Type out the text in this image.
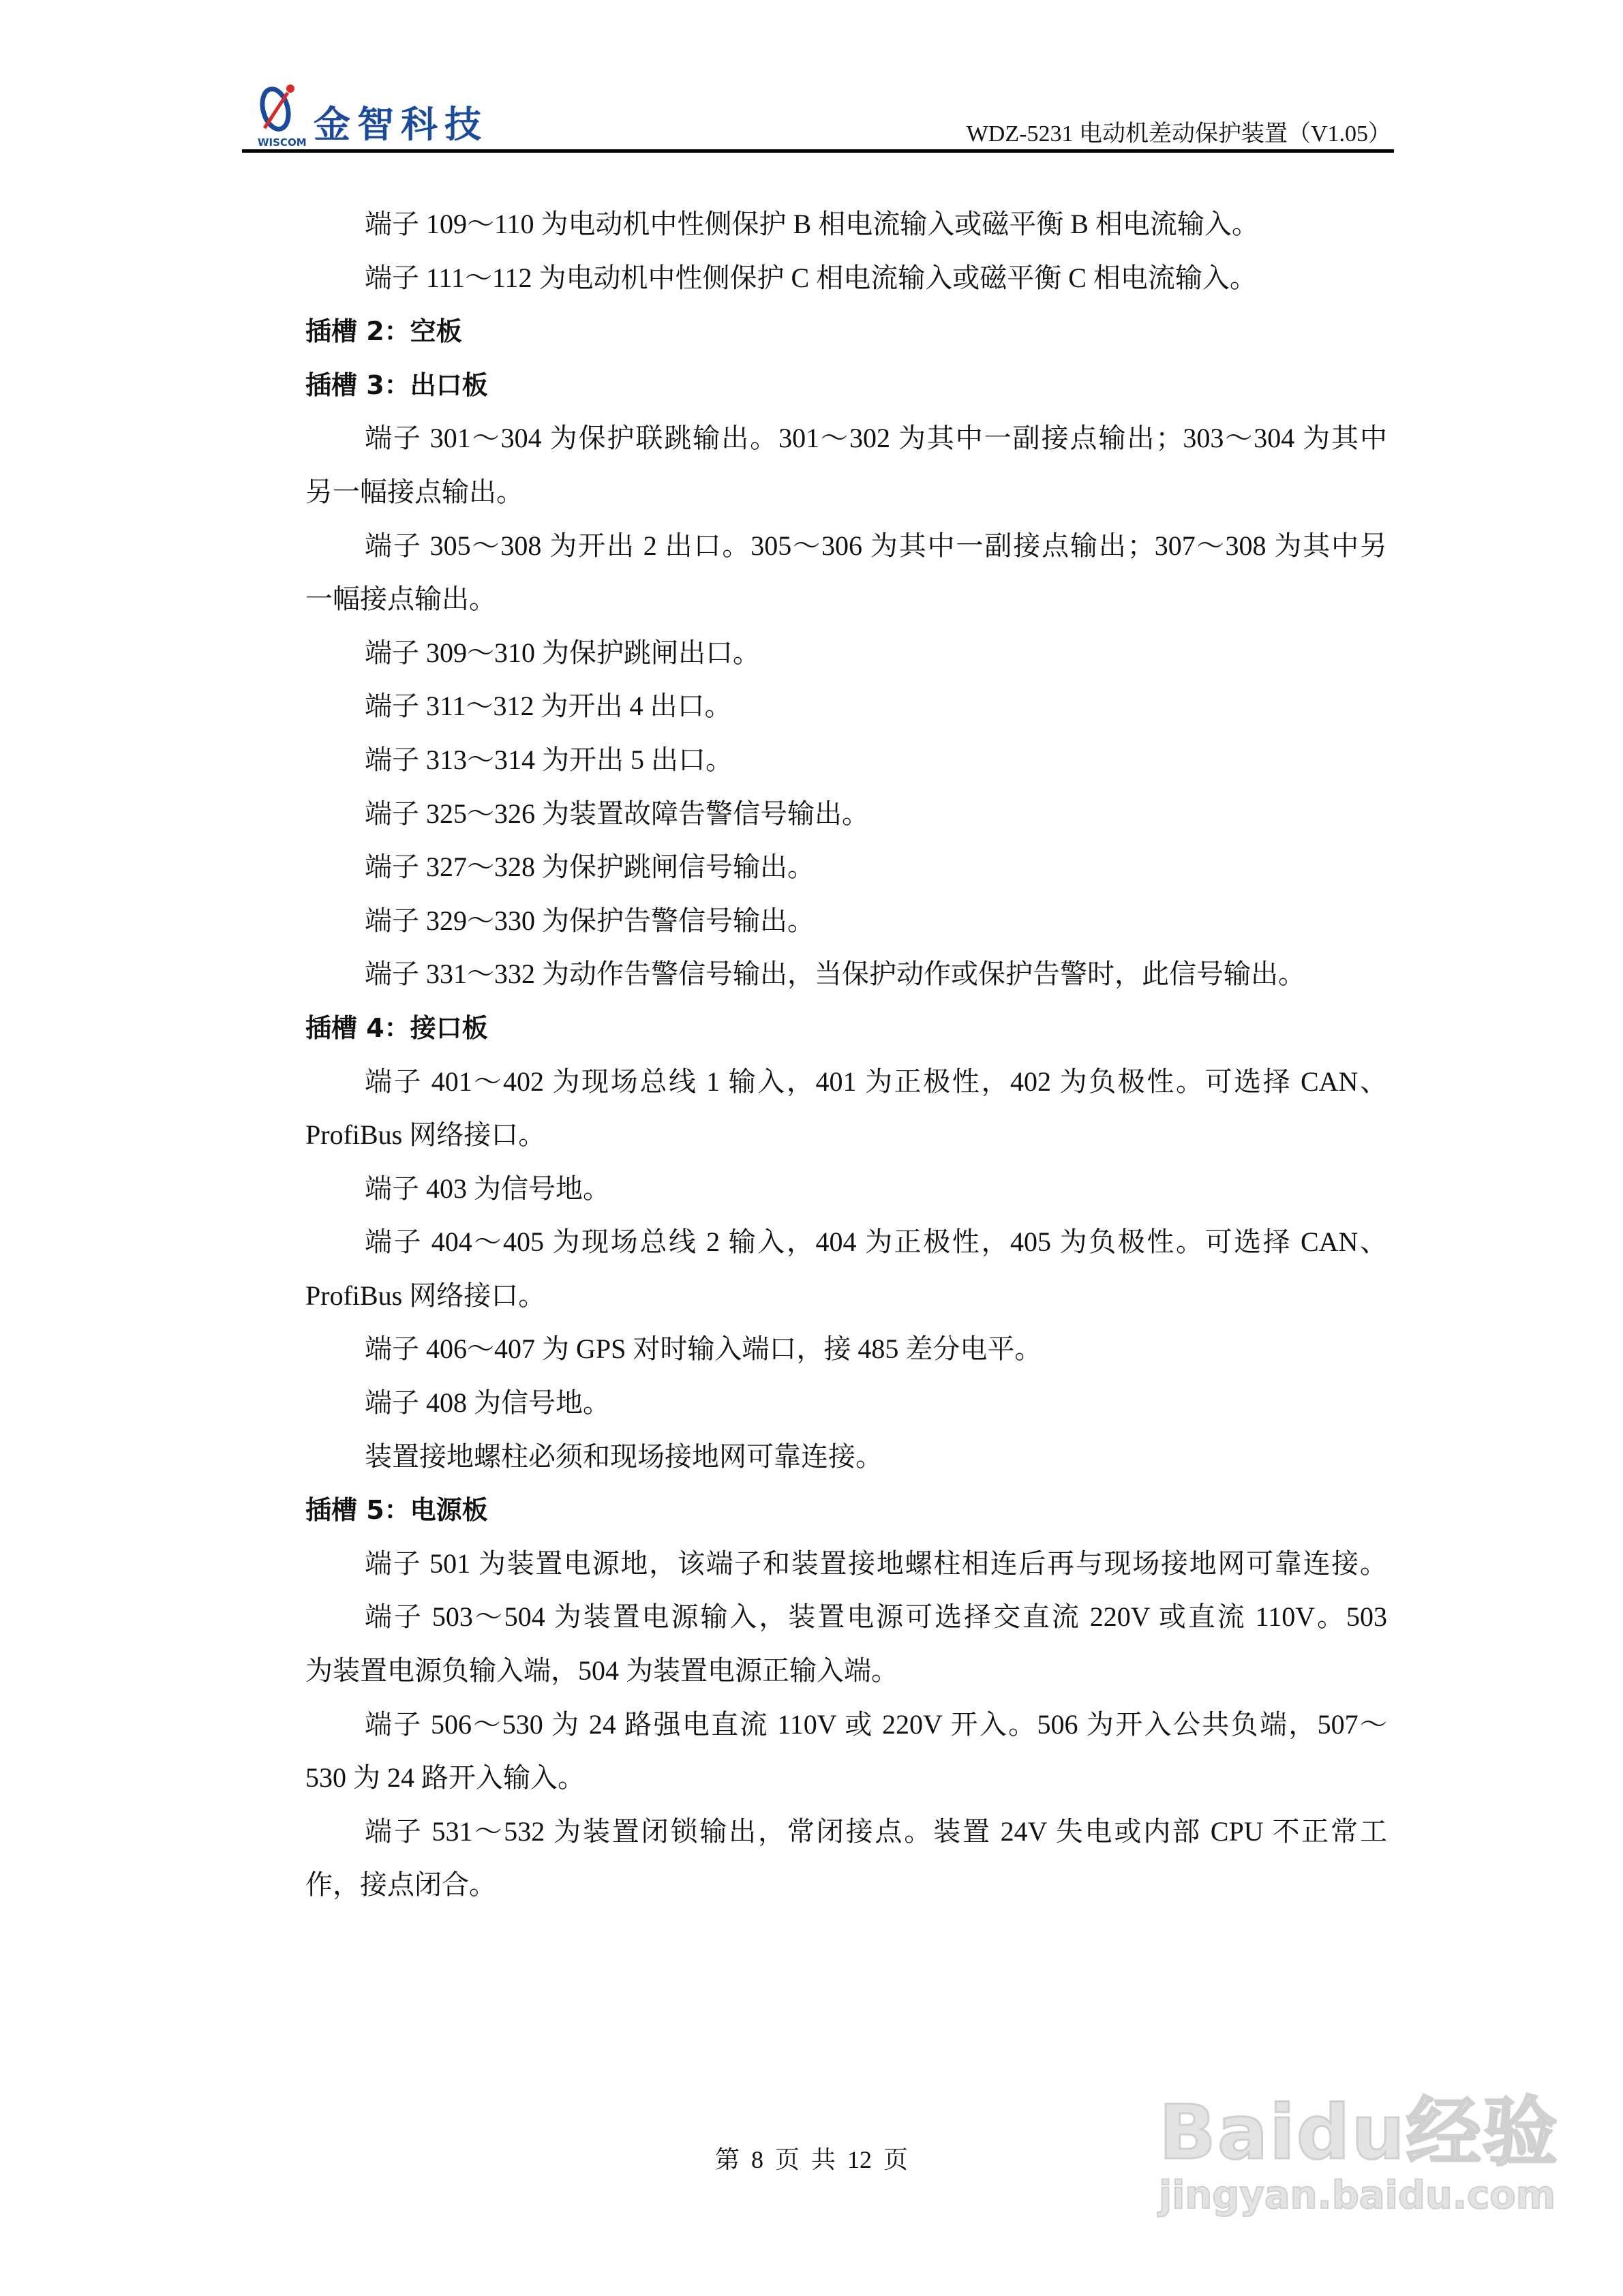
金智科技
WISCOM	WDZ-5231 电动机差动保护装置（V1.05）
端子 109～110 为电动机中性侧保护 B 相电流输入或磁平衡 B 相电流输入。
端子 111～112 为电动机中性侧保护 C 相电流输入或磁平衡 C 相电流输入。
插槽 2：空板
插槽 3：出口板
端子 301～304 为保护联跳输出。301～302 为其中一副接点输出；303～304 为其中
另一幅接点输出。
端子 305～308 为开出 2 出口。305～306 为其中一副接点输出；307～308 为其中另
一幅接点输出。
端子 309～310 为保护跳闸出口。
端子 311～312 为开出 4 出口。
端子 313～314 为开出 5 出口。
端子 325～326 为装置故障告警信号输出。
端子 327～328 为保护跳闸信号输出。
端子 329～330 为保护告警信号输出。
端子 331～332 为动作告警信号输出，当保护动作或保护告警时，此信号输出。
插槽 4：接口板
端子 401～402 为现场总线 1 输入，401 为正极性，402 为负极性。可选择 CAN、
ProfiBus 网络接口。
端子 403 为信号地。
端子 404～405 为现场总线 2 输入，404 为正极性，405 为负极性。可选择 CAN、
ProfiBus 网络接口。
端子 406～407 为 GPS 对时输入端口，接 485 差分电平。
端子 408 为信号地。
装置接地螺柱必须和现场接地网可靠连接。
插槽 5：电源板
端子 501 为装置电源地，该端子和装置接地螺柱相连后再与现场接地网可靠连接。
端子 503～504 为装置电源输入，装置电源可选择交直流 220V 或直流 110V。503
为装置电源负输入端，504 为装置电源正输入端。
端子 506～530 为 24 路强电直流 110V 或 220V 开入。506 为开入公共负端，507～
530 为 24 路开入输入。
端子 531～532 为装置闭锁输出，常闭接点。装置 24V 失电或内部 CPU 不正常工
作，接点闭合。
第 8 页 共 12 页	Baidu经验
jingyan.baidu.com
